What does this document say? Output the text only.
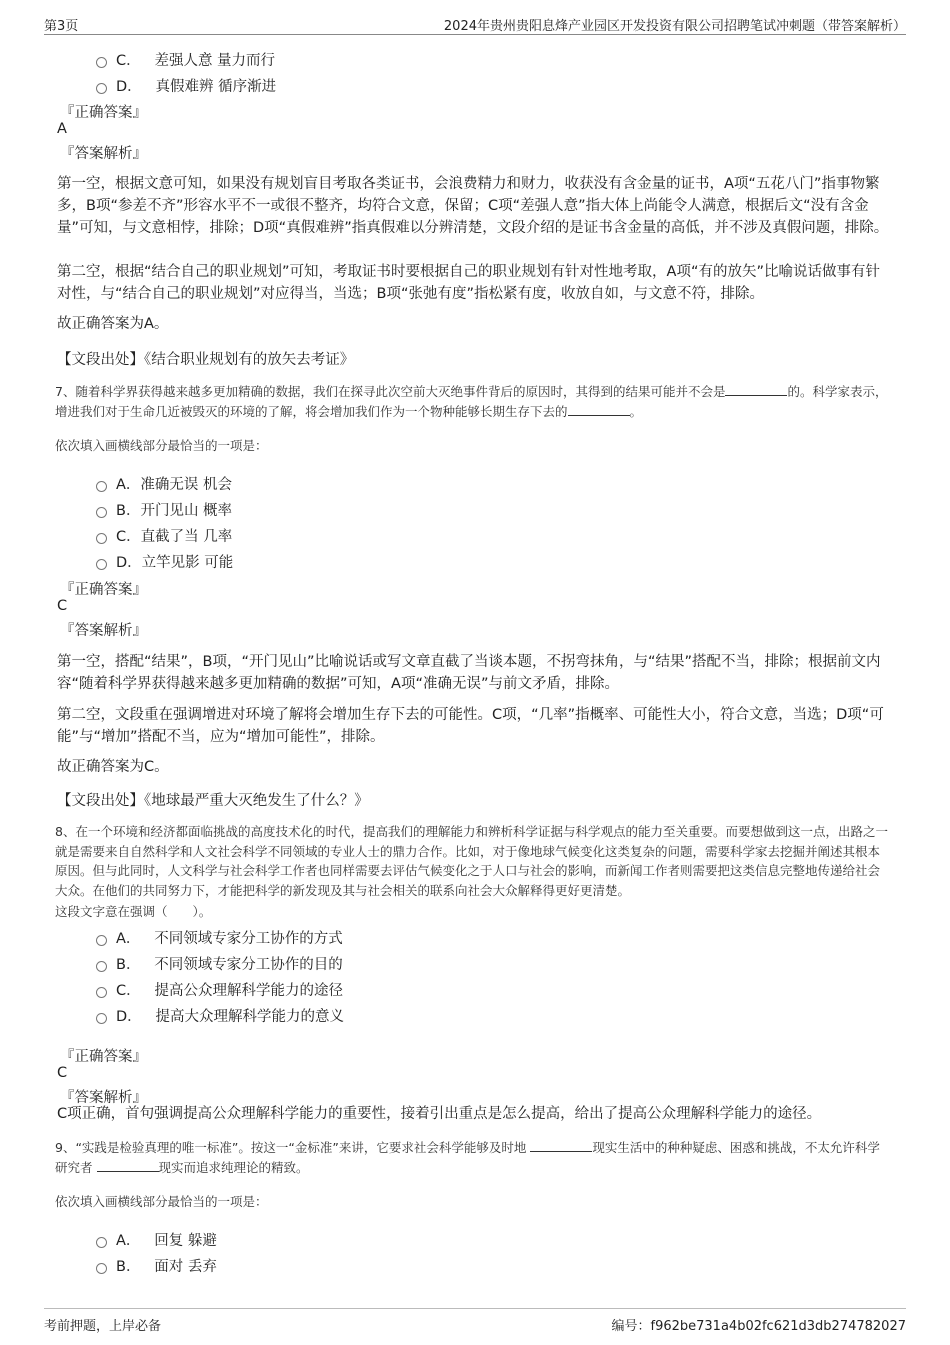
第3页	2024年贵州贵阳息烽产业园区开发投资有限公司招聘笔试冲刺题（带答案解析）
C． 差强人意 量力而行
D． 真假难辨 循序渐进
『正确答案』
A
『答案解析』
第一空，根据文意可知，如果没有规划盲目考取各类证书，会浪费精力和财力，收获没有含金量的证书，A项“五花八门”指事物繁多，B项“参差不齐”形容水平不一或很不整齐，均符合文意，保留；C项“差强人意”指大体上尚能令人满意，根据后文“没有含金量”可知，与文意相悖，排除；D项“真假难辨”指真假难以分辨清楚，文段介绍的是证书含金量的高低，并不涉及真假问题，排除。
第二空，根据“结合自己的职业规划”可知，考取证书时要根据自己的职业规划有针对性地考取，A项“有的放矢”比喻说话做事有针对性，与“结合自己的职业规划”对应得当，当选；B项“张弛有度”指松紧有度，收放自如，与文意不符，排除。
故正确答案为A。
【文段出处】《结合职业规划有的放矢去考证》
7、随着科学界获得越来越多更加精确的数据，我们在探寻此次空前大灭绝事件背后的原因时，其得到的结果可能并不会是	的。科学家表示，增进我们对于生命几近被毁灭的环境的了解，将会增加我们作为一个物种能够长期生存下去的	。
依次填入画横线部分最恰当的一项是：
A．准确无误 机会
B．开门见山 概率
C．直截了当 几率
D．立竿见影 可能
『正确答案』
C
『答案解析』
第一空，搭配“结果”，B项，“开门见山”比喻说话或写文章直截了当谈本题，不拐弯抹角，与“结果”搭配不当，排除；根据前文内容“随着科学界获得越来越多更加精确的数据”可知，A项“准确无误”与前文矛盾，排除。
第二空，文段重在强调增进对环境了解将会增加生存下去的可能性。C项，“几率”指概率、可能性大小，符合文意，当选；D项“可能”与“增加”搭配不当，应为“增加可能性”，排除。
故正确答案为C。
【文段出处】《地球最严重大灭绝发生了什么？》
8、在一个环境和经济都面临挑战的高度技术化的时代，提高我们的理解能力和辨析科学证据与科学观点的能力至关重要。而要想做到这一点，出路之一就是需要来自自然科学和人文社会科学不同领域的专业人士的鼎力合作。比如，对于像地球气候变化这类复杂的问题，需要科学家去挖掘并阐述其根本原因。但与此同时，人文科学与社会科学工作者也同样需要去评估气候变化之于人口与社会的影响，而新闻工作者则需要把这类信息完整地传递给社会大众。在他们的共同努力下，才能把科学的新发现及其与社会相关的联系向社会大众解释得更好更清楚。
这段文字意在强调（　　）。
A． 不同领域专家分工协作的方式
B． 不同领域专家分工协作的目的
C． 提高公众理解科学能力的途径
D． 提高大众理解科学能力的意义
『正确答案』
C
『答案解析』
C项正确，首句强调提高公众理解科学能力的重要性，接着引出重点是怎么提高，给出了提高公众理解科学能力的途径。
9、“实践是检验真理的唯一标准”。按这一“金标准”来讲，它要求社会科学能够及时地	现实生活中的种种疑虑、困惑和挑战，不太允许科学研究者	现实而追求纯理论的精致。
依次填入画横线部分最恰当的一项是：
A． 回复 躲避
B． 面对 丢弃
考前押题，上岸必备	编号：f962be731a4b02fc621d3db274782027
